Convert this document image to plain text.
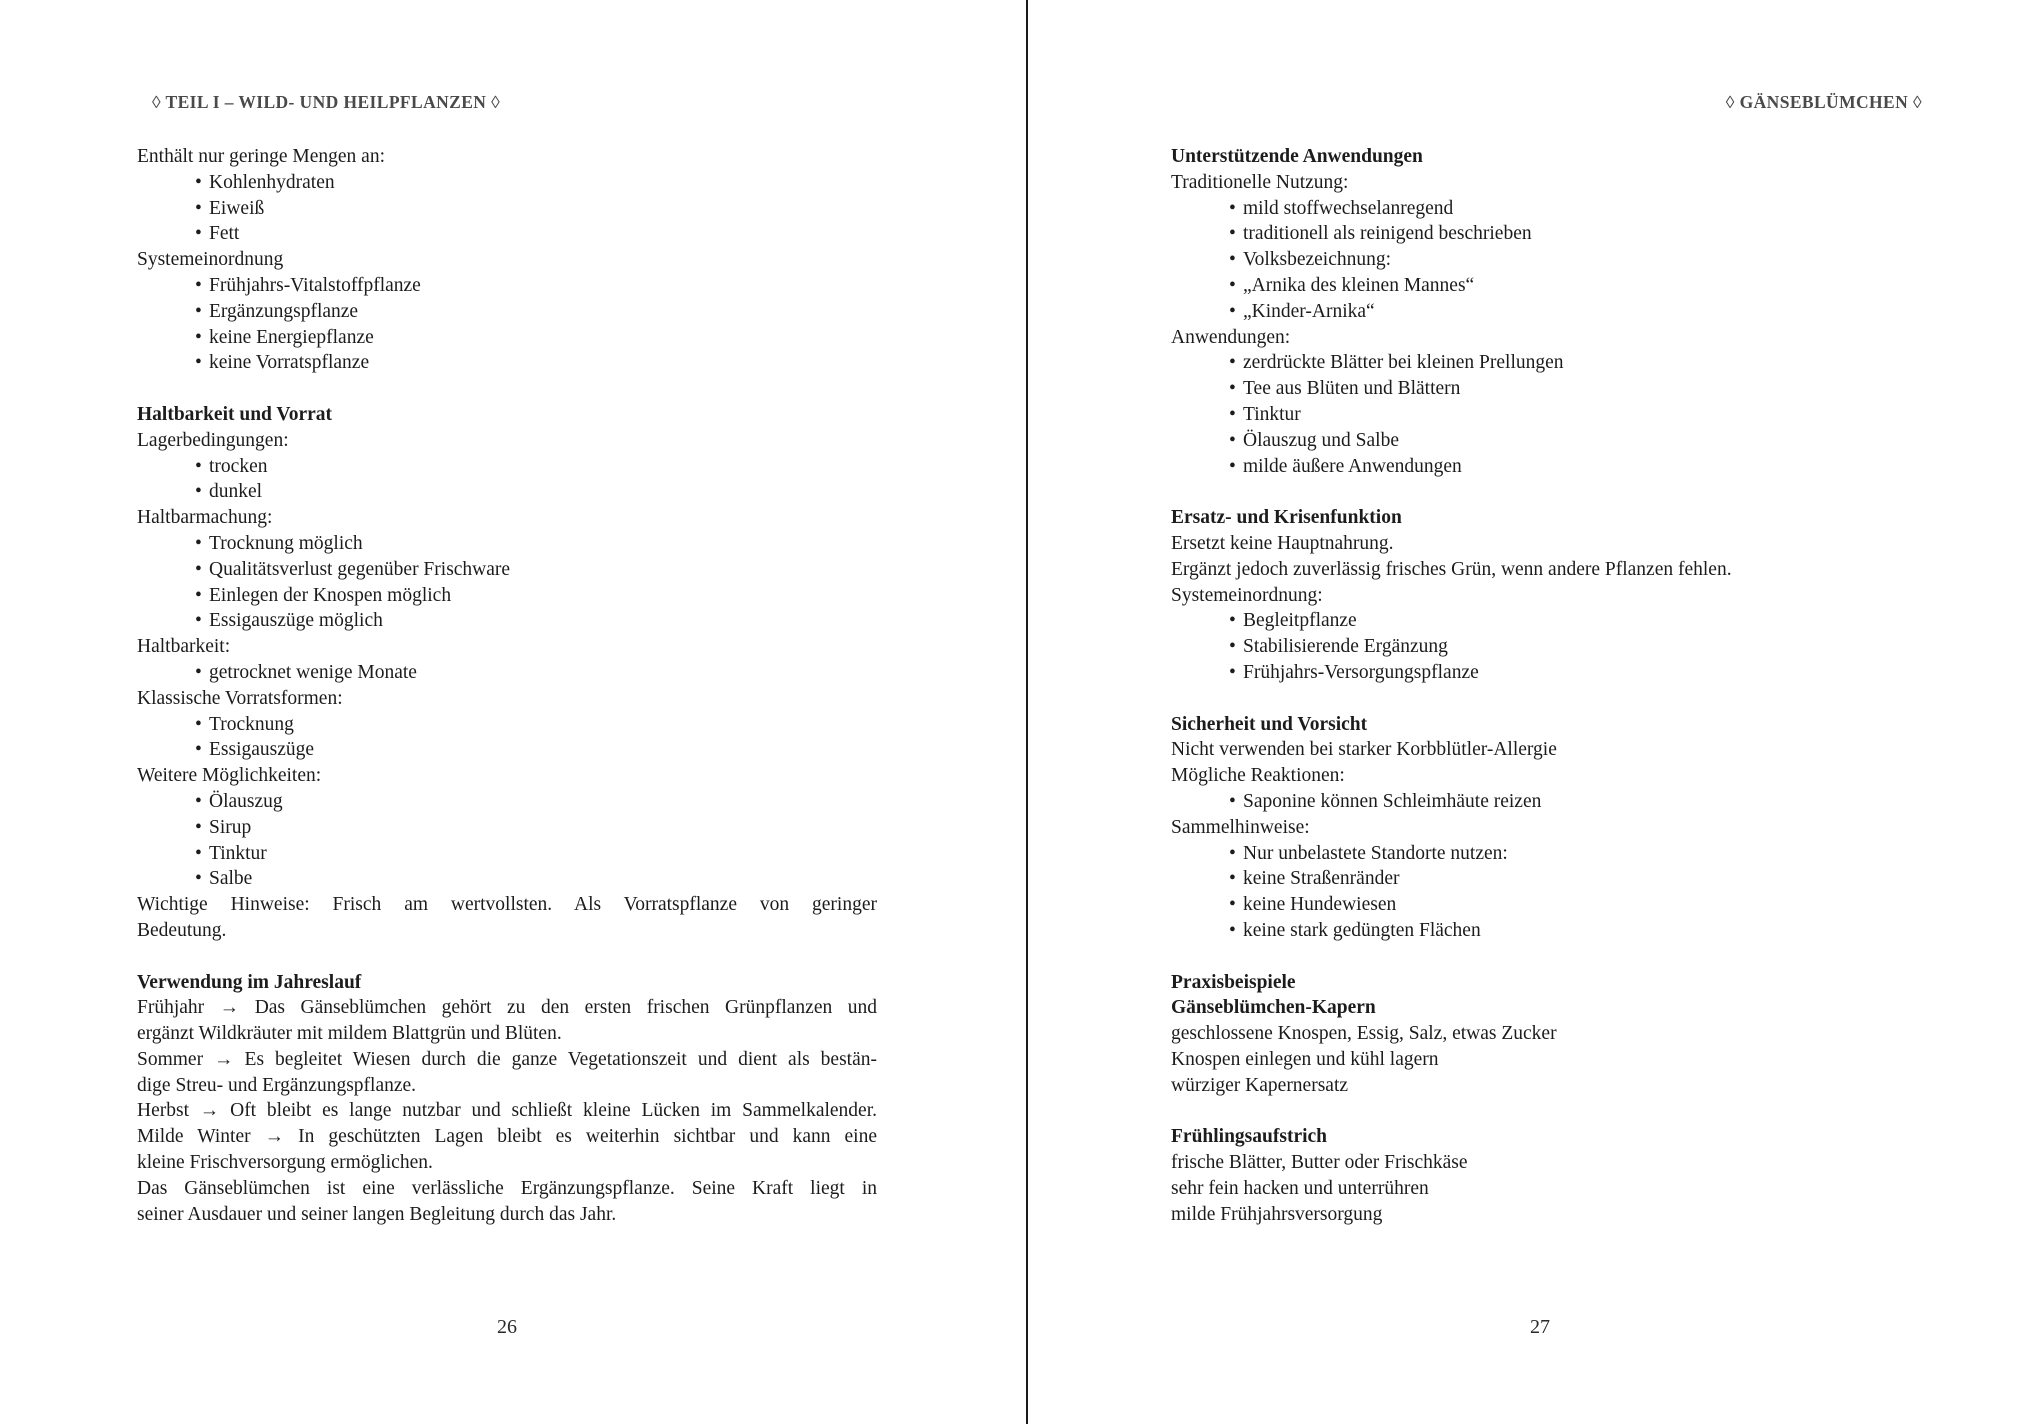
◊ TEIL I – WILD- UND HEILPFLANZEN ◊
Enthält nur geringe Mengen an:
• Kohlenhydraten
• Eiweiß
• Fett
Systemeinordnung
• Frühjahrs-Vitalstoffpflanze
• Ergänzungspflanze
• keine Energiepflanze
• keine Vorratspflanze
Haltbarkeit und Vorrat
Lagerbedingungen:
• trocken
• dunkel
Haltbarmachung:
• Trocknung möglich
• Qualitätsverlust gegenüber Frischware
• Einlegen der Knospen möglich
• Essigauszüge möglich
Haltbarkeit:
• getrocknet wenige Monate
Klassische Vorratsformen:
• Trocknung
• Essigauszüge
Weitere Möglichkeiten:
• Ölauszug
• Sirup
• Tinktur
• Salbe
Wichtige Hinweise: Frisch am wertvollsten. Als Vorratspflanze von geringer
Bedeutung.
Verwendung im Jahreslauf
Frühjahr → Das Gänseblümchen gehört zu den ersten frischen Grünpflanzen und
ergänzt Wildkräuter mit mildem Blattgrün und Blüten.
Sommer → Es begleitet Wiesen durch die ganze Vegetationszeit und dient als bestän-
dige Streu- und Ergänzungspflanze.
Herbst → Oft bleibt es lange nutzbar und schließt kleine Lücken im Sammelkalender.
Milde Winter → In geschützten Lagen bleibt es weiterhin sichtbar und kann eine
kleine Frischversorgung ermöglichen.
Das Gänseblümchen ist eine verlässliche Ergänzungspflanze. Seine Kraft liegt in
seiner Ausdauer und seiner langen Begleitung durch das Jahr.
26
◊ GÄNSEBLÜMCHEN ◊
Unterstützende Anwendungen
Traditionelle Nutzung:
• mild stoffwechselanregend
• traditionell als reinigend beschrieben
• Volksbezeichnung:
• „Arnika des kleinen Mannes“
• „Kinder-Arnika“
Anwendungen:
• zerdrückte Blätter bei kleinen Prellungen
• Tee aus Blüten und Blättern
• Tinktur
• Ölauszug und Salbe
• milde äußere Anwendungen
Ersatz- und Krisenfunktion
Ersetzt keine Hauptnahrung.
Ergänzt jedoch zuverlässig frisches Grün, wenn andere Pflanzen fehlen.
Systemeinordnung:
• Begleitpflanze
• Stabilisierende Ergänzung
• Frühjahrs-Versorgungspflanze
Sicherheit und Vorsicht
Nicht verwenden bei starker Korbblütler-Allergie
Mögliche Reaktionen:
• Saponine können Schleimhäute reizen
Sammelhinweise:
• Nur unbelastete Standorte nutzen:
• keine Straßenränder
• keine Hundewiesen
• keine stark gedüngten Flächen
Praxisbeispiele
Gänseblümchen-Kapern
geschlossene Knospen, Essig, Salz, etwas Zucker
Knospen einlegen und kühl lagern
würziger Kapernersatz
Frühlingsaufstrich
frische Blätter, Butter oder Frischkäse
sehr fein hacken und unterrühren
milde Frühjahrsversorgung
27
